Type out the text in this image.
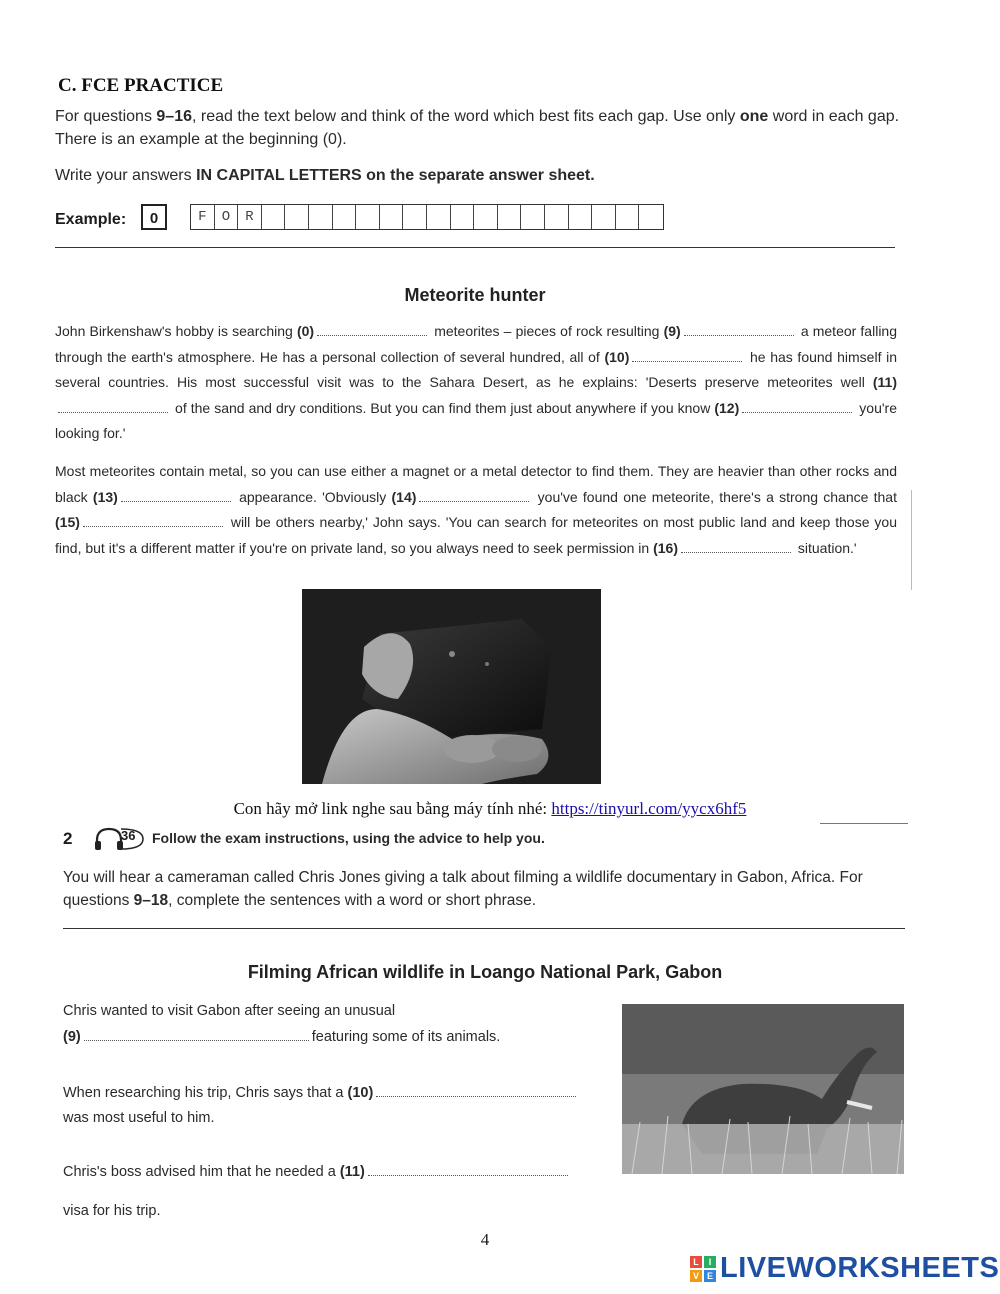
C. FCE PRACTICE
For questions 9–16, read the text below and think of the word which best fits each gap. Use only one word in each gap. There is an example at the beginning (0).
Write your answers IN CAPITAL LETTERS on the separate answer sheet.
Example:	0	F	O	R
Meteorite hunter
John Birkenshaw's hobby is searching (0)	meteorites – pieces of rock resulting (9)	a meteor falling through the earth's atmosphere. He has a personal collection of several hundred, all of (10)	he has found himself in several countries. His most successful visit was to the Sahara Desert, as he explains: 'Deserts preserve meteorites well (11) of the sand and dry conditions. But you can find them just about anywhere if you know (12)	you're looking for.'
Most meteorites contain metal, so you can use either a magnet or a metal detector to find them. They are heavier than other rocks and black (13)	appearance. 'Obviously (14)	you've found one meteorite, there's a strong chance that (15)	will be others nearby,' John says. 'You can search for meteorites on most public land and keep those you find, but it's a different matter if you're on private land, so you always need to seek permission in (16)	situation.'
Con hãy mở link nghe sau bằng máy tính nhé: https://tinyurl.com/yycx6hf5
2	36 Follow the exam instructions, using the advice to help you.
You will hear a cameraman called Chris Jones giving a talk about filming a wildlife documentary in Gabon, Africa. For questions 9–18, complete the sentences with a word or short phrase.
Filming African wildlife in Loango National Park, Gabon
Chris wanted to visit Gabon after seeing an unusual
(9)	featuring some of its animals.
When researching his trip, Chris says that a (10)
was most useful to him.
Chris's boss advised him that he needed a (11)
visa for his trip.
4
L	I
V E LIVEWORKSHEETS
